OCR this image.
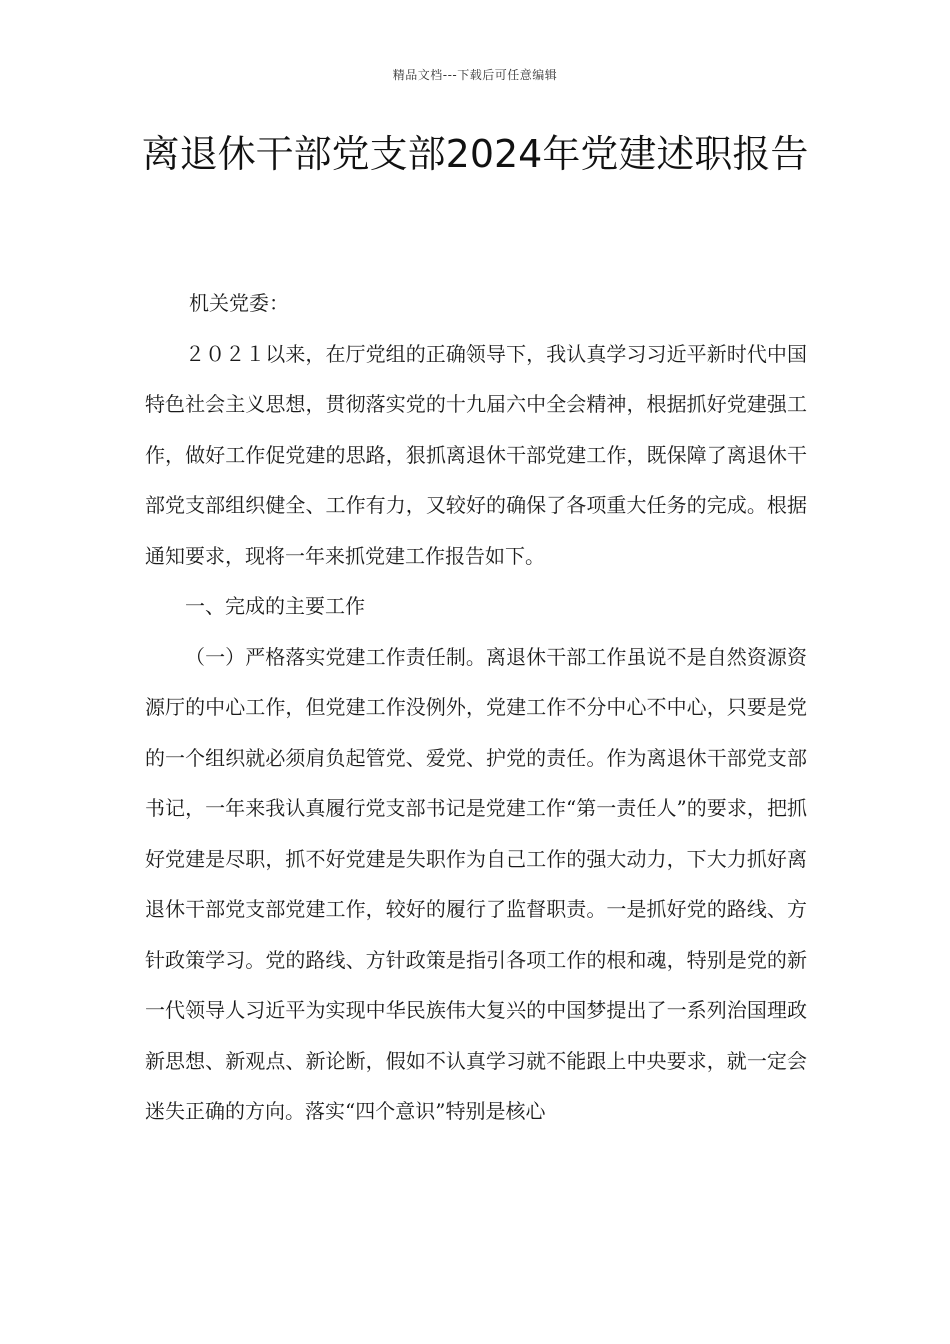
精品文档---下载后可任意编辑
离退休干部党支部2024年党建述职报告

机关党委：

２０２１以来，在厅党组的正确领导下，我认真学习习近平新时代中国特色社会主义思想，贯彻落实党的十九届六中全会精神，根据抓好党建强工作，做好工作促党建的思路，狠抓离退休干部党建工作，既保障了离退休干部党支部组织健全、工作有力，又较好的确保了各项重大任务的完成。根据通知要求，现将一年来抓党建工作报告如下。

一、完成的主要工作

（一）严格落实党建工作责任制。离退休干部工作虽说不是自然资源资源厅的中心工作，但党建工作没例外，党建工作不分中心不中心，只要是党的一个组织就必须肩负起管党、爱党、护党的责任。作为离退休干部党支部书记，一年来我认真履行党支部书记是党建工作“第一责任人”的要求，把抓好党建是尽职，抓不好党建是失职作为自己工作的强大动力，下大力抓好离退休干部党支部党建工作，较好的履行了监督职责。一是抓好党的路线、方针政策学习。党的路线、方针政策是指引各项工作的根和魂，特别是党的新一代领导人习近平为实现中华民族伟大复兴的中国梦提出了一系列治国理政新思想、新观点、新论断，假如不认真学习就不能跟上中央要求，就一定会迷失正确的方向。落实“四个意识”特别是核心
